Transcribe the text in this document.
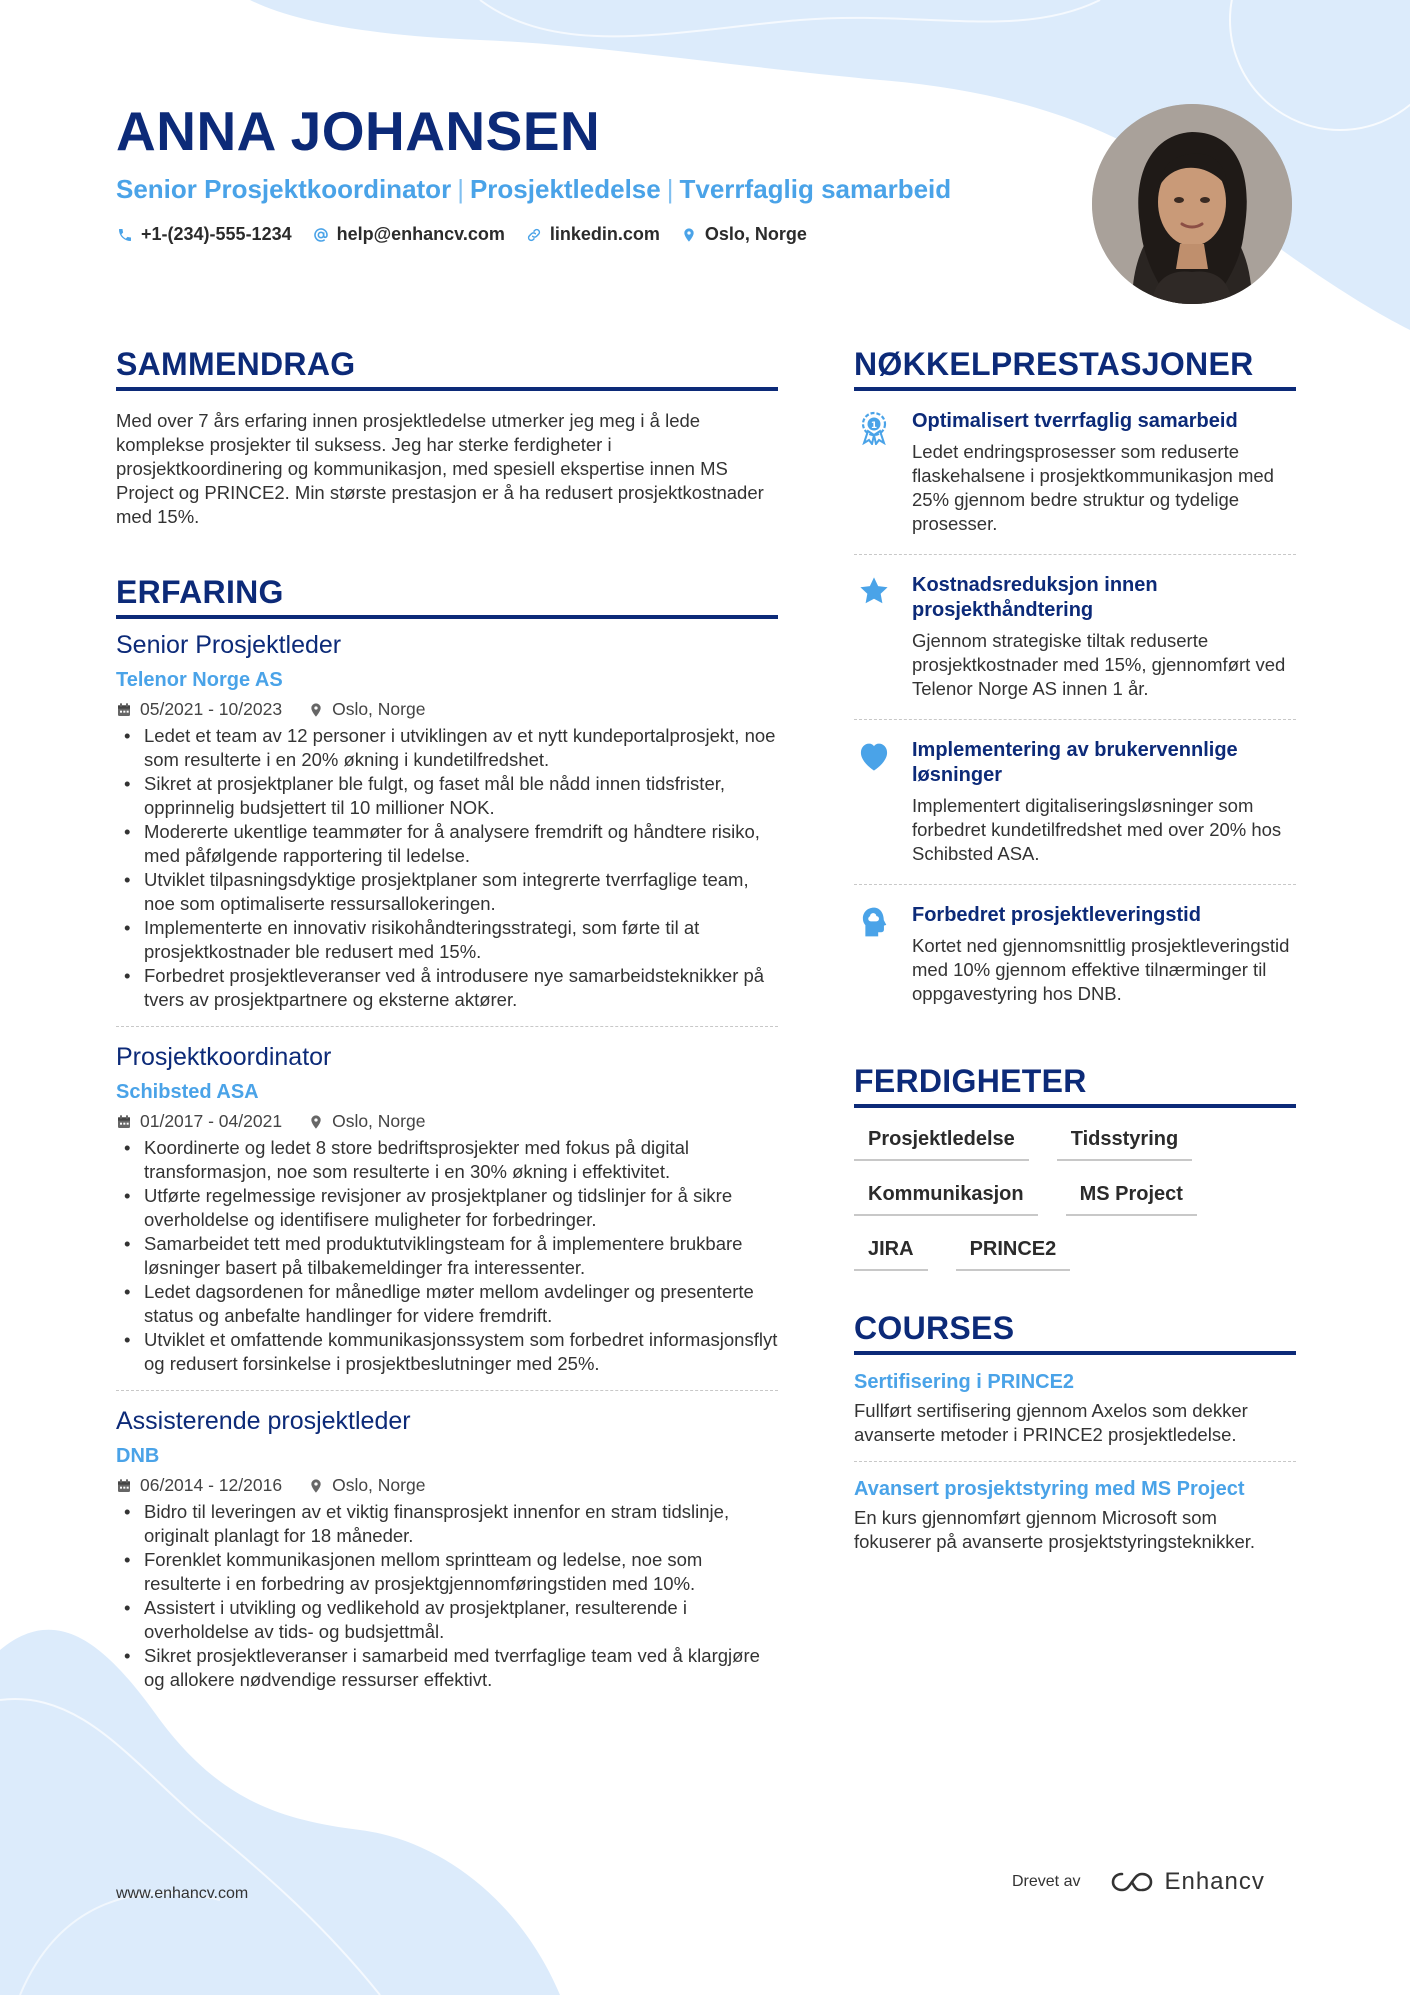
ANNA JOHANSEN
Senior Prosjektkoordinator | Prosjektledelse | Tverrfaglig samarbeid
+1-(234)-555-1234	help@enhancv.com	linkedin.com	Oslo, Norge
SAMMENDRAG

Med over 7 års erfaring innen prosjektledelse utmerker jeg meg i å lede komplekse prosjekter til suksess. Jeg har sterke ferdigheter i prosjektkoordinering og kommunikasjon, med spesiell ekspertise innen MS Project og PRINCE2. Min største prestasjon er å ha redusert prosjektkostnader med 15%.

ERFARING
Senior Prosjektleder
Telenor Norge AS
05/2021 - 10/2023	Oslo, Norge
• Ledet et team av 12 personer i utviklingen av et nytt kundeportalprosjekt, noe som resulterte i en 20% økning i kundetilfredshet.
• Sikret at prosjektplaner ble fulgt, og faset mål ble nådd innen tidsfrister, opprinnelig budsjettert til 10 millioner NOK.
• Modererte ukentlige teammøter for å analysere fremdrift og håndtere risiko, med påfølgende rapportering til ledelse.
• Utviklet tilpasningsdyktige prosjektplaner som integrerte tverrfaglige team, noe som optimaliserte ressursallokeringen.
• Implementerte en innovativ risikohåndteringsstrategi, som førte til at prosjektkostnader ble redusert med 15%.
• Forbedret prosjektleveranser ved å introdusere nye samarbeidsteknikker på tvers av prosjektpartnere og eksterne aktører.
Prosjektkoordinator
Schibsted ASA
01/2017 - 04/2021	Oslo, Norge
• Koordinerte og ledet 8 store bedriftsprosjekter med fokus på digital transformasjon, noe som resulterte i en 30% økning i effektivitet.
• Utførte regelmessige revisjoner av prosjektplaner og tidslinjer for å sikre overholdelse og identifisere muligheter for forbedringer.
• Samarbeidet tett med produktutviklingsteam for å implementere brukbare løsninger basert på tilbakemeldinger fra interessenter.
• Ledet dagsordenen for månedlige møter mellom avdelinger og presenterte status og anbefalte handlinger for videre fremdrift.
• Utviklet et omfattende kommunikasjonssystem som forbedret informasjonsflyt og redusert forsinkelse i prosjektbeslutninger med 25%.
Assisterende prosjektleder
DNB
06/2014 - 12/2016	Oslo, Norge
• Bidro til leveringen av et viktig finansprosjekt innenfor en stram tidslinje, originalt planlagt for 18 måneder.
• Forenklet kommunikasjonen mellom sprintteam og ledelse, noe som resulterte i en forbedring av prosjektgjennomføringstiden med 10%.
• Assistert i utvikling og vedlikehold av prosjektplaner, resulterende i overholdelse av tids- og budsjettmål.
• Sikret prosjektleveranser i samarbeid med tverrfaglige team ved å klargjøre og allokere nødvendige ressurser effektivt.
NØKKELPRESTASJONER
1 Optimalisert tverrfaglig samarbeid
Ledet endringsprosesser som reduserte flaskehalsene i prosjektkommunikasjon med 25% gjennom bedre struktur og tydelige prosesser.
Kostnadsreduksjon innen prosjekthåndtering
Gjennom strategiske tiltak reduserte prosjektkostnader med 15%, gjennomført ved Telenor Norge AS innen 1 år.
Implementering av brukervennlige løsninger
Implementert digitaliseringsløsninger som forbedret kundetilfredshet med over 20% hos Schibsted ASA.
Forbedret prosjektleveringstid
Kortet ned gjennomsnittlig prosjektleveringstid med 10% gjennom effektive tilnærminger til oppgavestyring hos DNB.
FERDIGHETER
Prosjektledelse	Tidsstyring
Kommunikasjon	MS Project
JIRA	PRINCE2
COURSES
Sertifisering i PRINCE2
Fullført sertifisering gjennom Axelos som dekker avanserte metoder i PRINCE2 prosjektledelse.
Avansert prosjektstyring med MS Project
En kurs gjennomført gjennom Microsoft som fokuserer på avanserte prosjektstyringsteknikker.
www.enhancv.com
Drevet av	Enhancv
